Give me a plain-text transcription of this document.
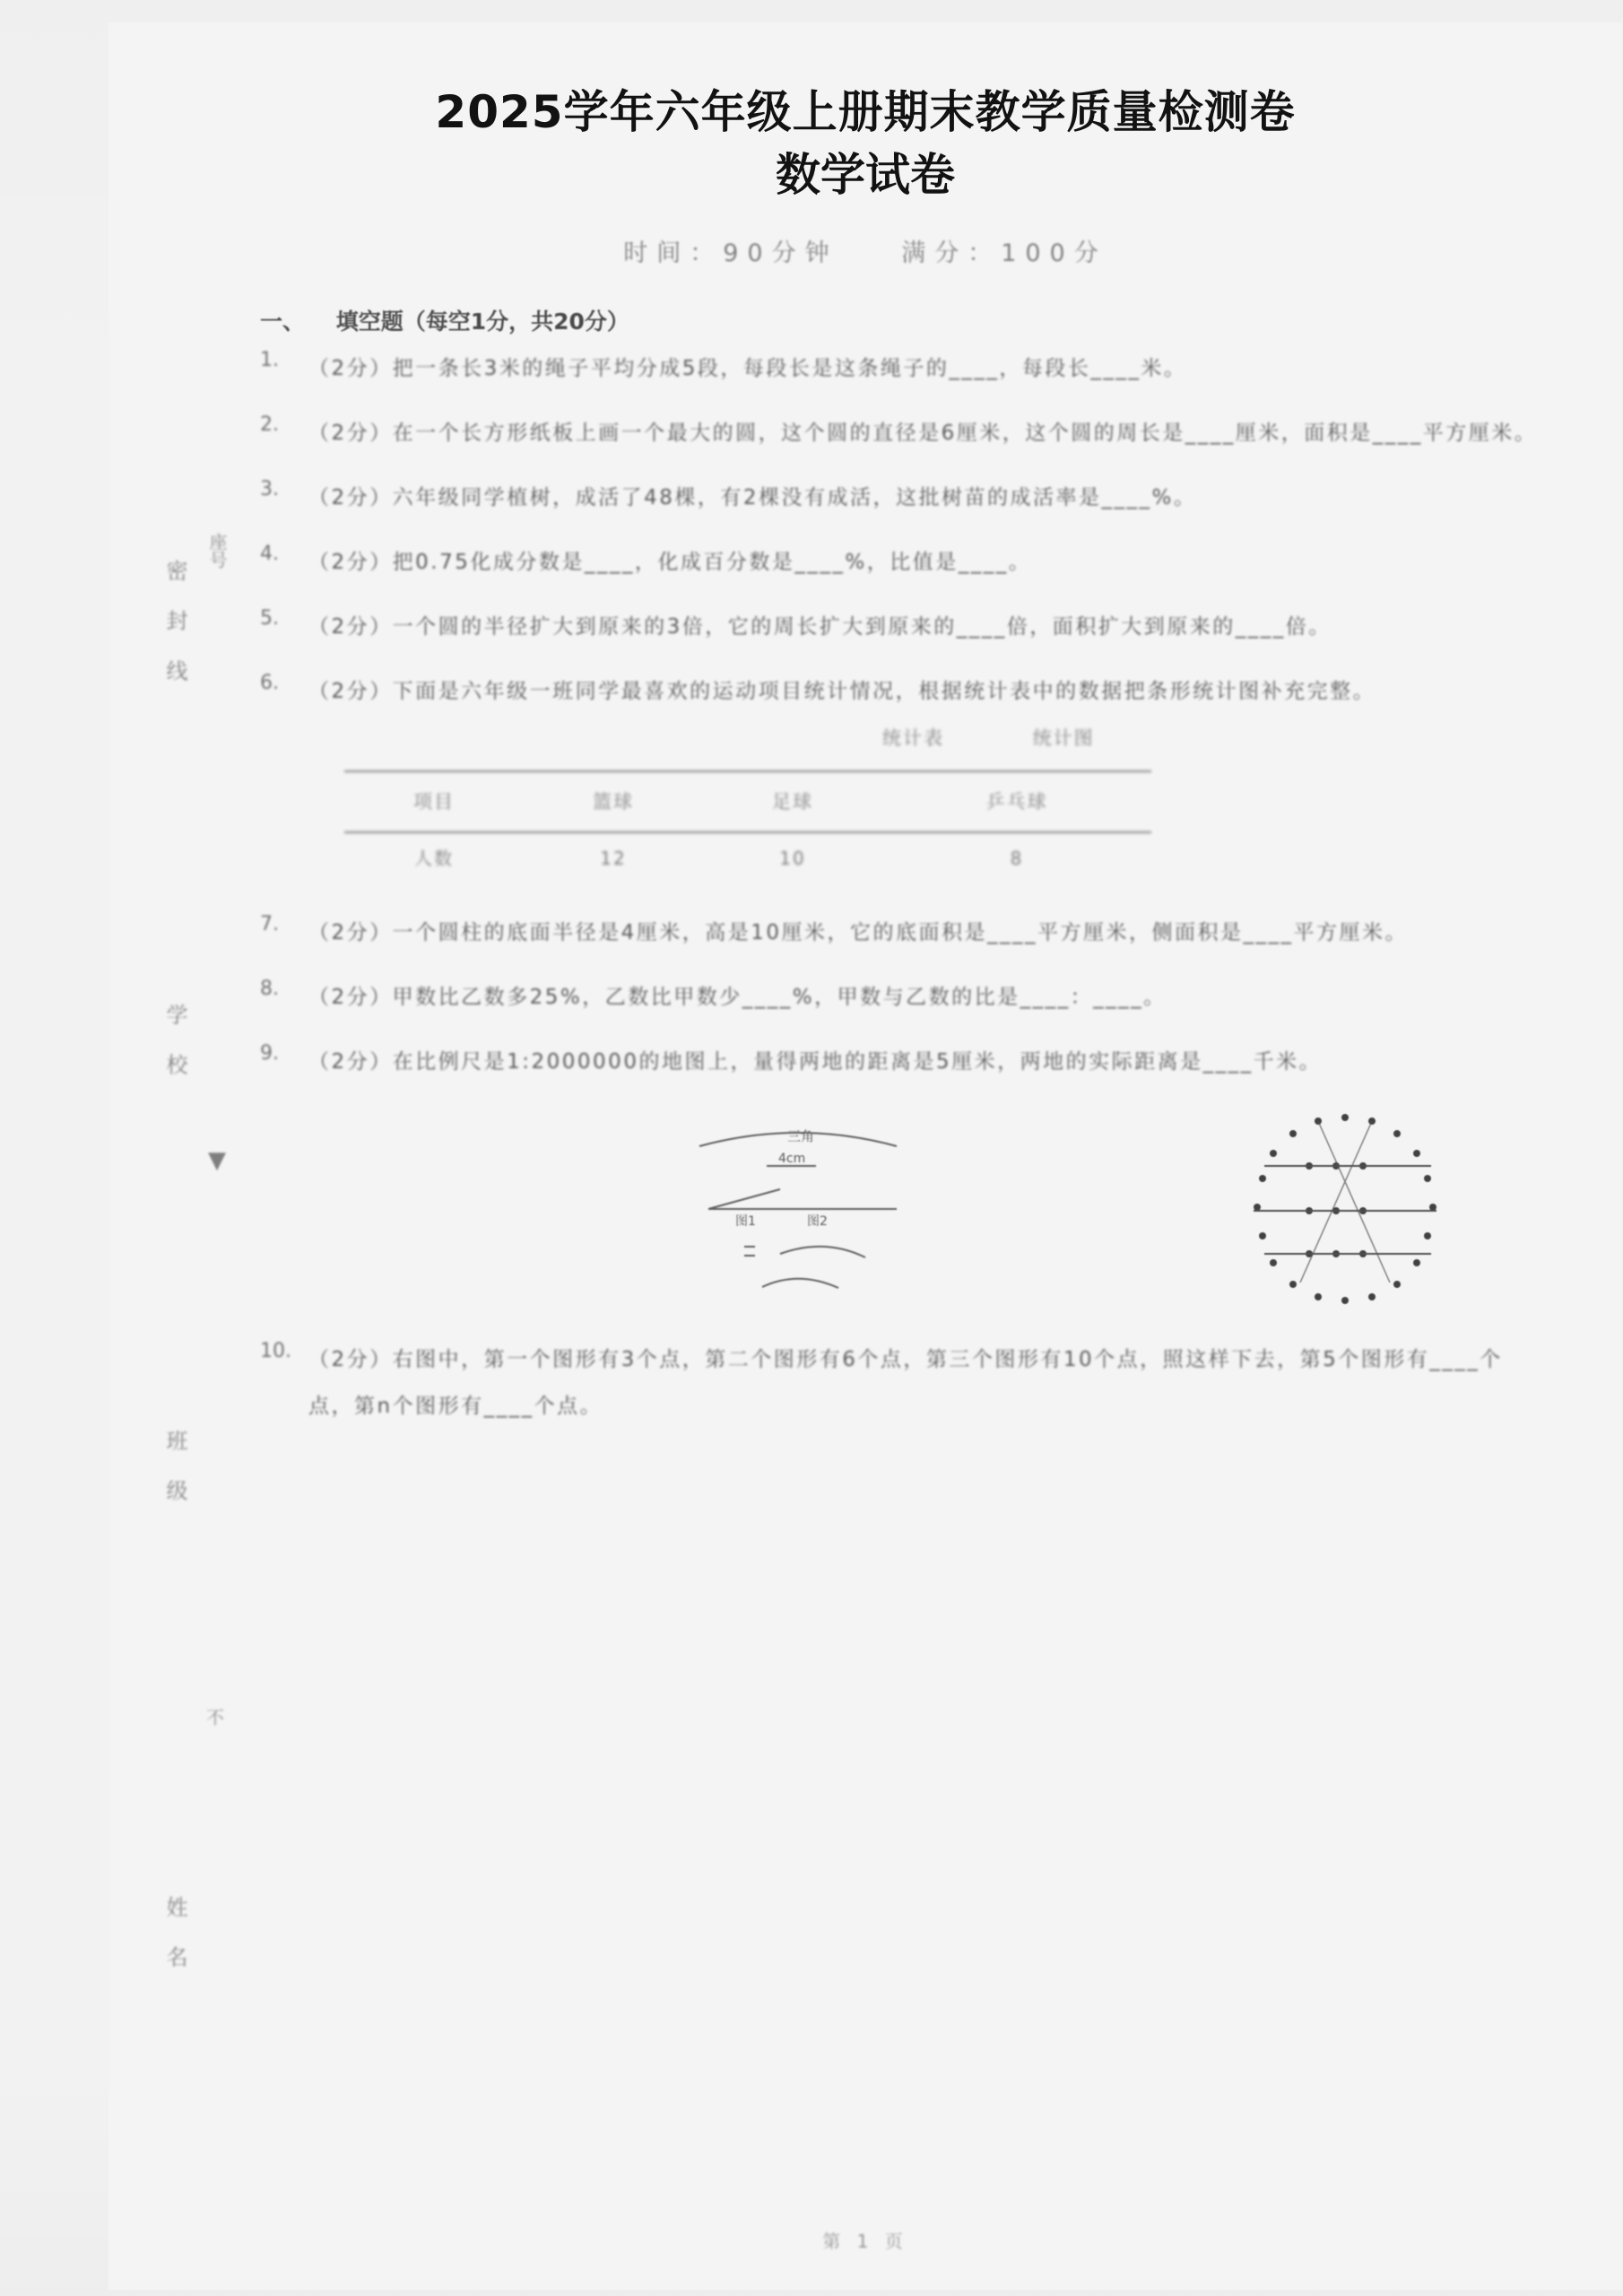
2025学年六年级上册期末教学质量检测卷
数学试卷
时间：90分钟	满分：100分
一、 填空题（每空1分，共20分）
1.	（2分）把一条长3米的绳子平均分成5段，每段长是这条绳子的____，每段长____米。
2.	（2分）在一个长方形纸板上画一个最大的圆，这个圆的直径是6厘米，这个圆的周长是____厘米，面积是____平方厘米。
3.	（2分）六年级同学植树，成活了48棵，有2棵没有成活，这批树苗的成活率是____%。
4.	（2分）把0.75化成分数是____，化成百分数是____%，比值是____。
5.	（2分）一个圆的半径扩大到原来的3倍，它的周长扩大到原来的____倍，面积扩大到原来的____倍。
6.	（2分）下面是六年级一班同学最喜欢的运动项目统计情况，根据统计表中的数据把条形统计图补充完整。
统计表	统计图
项目	篮球	足球	乒乓球
人数	12	10	8
7.	（2分）一个圆柱的底面半径是4厘米，高是10厘米，它的底面积是____平方厘米，侧面积是____平方厘米。
8.	（2分）甲数比乙数多25%，乙数比甲数少____%，甲数与乙数的比是____：____。
9.	（2分）在比例尺是1:2000000的地图上，量得两地的距离是5厘米，两地的实际距离是____千米。
三角
4cm
图1	图2
10. （2分）右图中，第一个图形有3个点，第二个图形有6个点，第三个图形有10个点，照这样下去，第5个图形有____个点，第n个图形有____个点。
密 封 线
学 校
班 级
姓 名
座号
▼
不
第 1 页
